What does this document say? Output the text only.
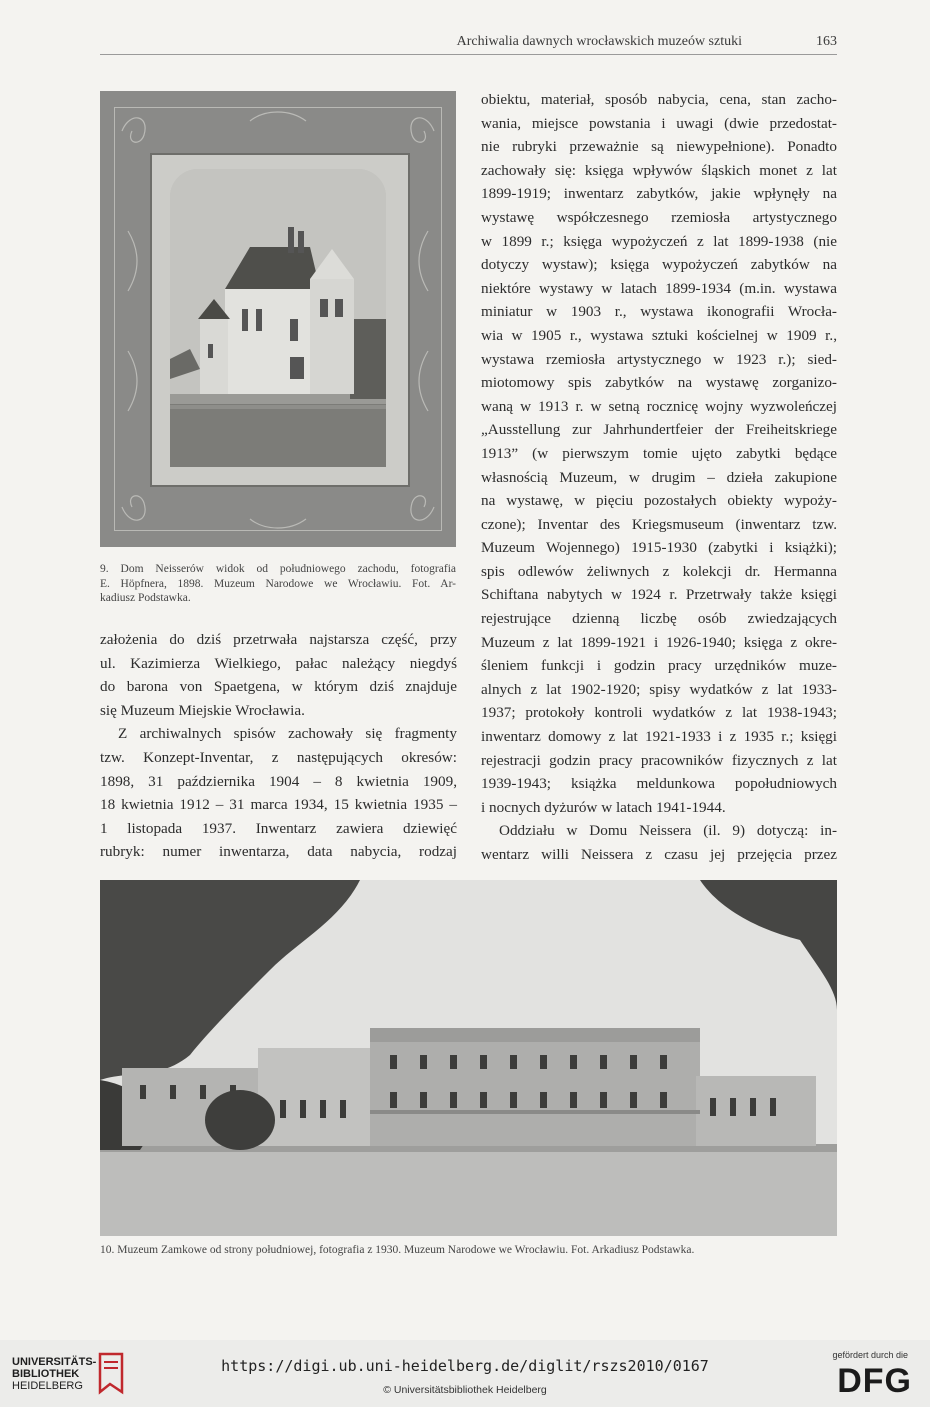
Archiwalia dawnych wrocławskich muzeów sztuki	163
9. Dom Neisserów widok od południowego zachodu, fotografia
E. Höpfnera, 1898. Muzeum Narodowe we Wrocławiu. Fot. Ar-
kadiusz Podstawka.

założenia do dziś przetrwała najstarsza część, przy

ul. Kazimierza Wielkiego, pałac należący niegdyś

do barona von Spaetgena, w którym dziś znajduje

się Muzeum Miejskie Wrocławia.

Z archiwalnych spisów zachowały się fragmenty

tzw. Konzept-Inventar, z następujących okresów:

1898, 31 października 1904 – 8 kwietnia 1909,

18 kwietnia 1912 – 31 marca 1934, 15 kwietnia 1935 –

1 listopada 1937. Inwentarz zawiera dziewięć

rubryk: numer inwentarza, data nabycia, rodzaj

obiektu, materiał, sposób nabycia, cena, stan zacho-

wania, miejsce powstania i uwagi (dwie przedostat-

nie rubryki przeważnie są niewypełnione). Ponadto

zachowały się: księga wpływów śląskich monet z lat

1899-1919; inwentarz zabytków, jakie wpłynęły na

wystawę współczesnego rzemiosła artystycznego

w 1899 r.; księga wypożyczeń z lat 1899-1938 (nie

dotyczy wystaw); księga wypożyczeń zabytków na

niektóre wystawy w latach 1899-1934 (m.in. wystawa

miniatur w 1903 r., wystawa ikonografii Wrocła-

wia w 1905 r., wystawa sztuki kościelnej w 1909 r.,

wystawa rzemiosła artystycznego w 1923 r.); sied-

miotomowy spis zabytków na wystawę zorganizo-

waną w 1913 r. w setną rocznicę wojny wyzwoleńczej

„Ausstellung zur Jahrhundertfeier der Freiheitskriege

1913” (w pierwszym tomie ujęto zabytki będące

własnością Muzeum, w drugim – dzieła zakupione

na wystawę, w pięciu pozostałych obiekty wypoży-

czone); Inventar des Kriegsmuseum (inwentarz tzw.

Muzeum Wojennego) 1915-1930 (zabytki i książki);

spis odlewów żeliwnych z kolekcji dr. Hermanna

Schiftana nabytych w 1924 r. Przetrwały także księgi

rejestrujące dzienną liczbę osób zwiedzających

Muzeum z lat 1899-1921 i 1926-1940; księga z okre-

śleniem funkcji i godzin pracy urzędników muze-

alnych z lat 1902-1920; spisy wydatków z lat 1933-

1937; protokoły kontroli wydatków z lat 1938-1943;

inwentarz domowy z lat 1921-1933 i z 1935 r.; księgi

rejestracji godzin pracy pracowników fizycznych z lat

1939-1943; książka meldunkowa popołudniowych

i nocnych dyżurów w latach 1941-1944.

Oddziału w Domu Neissera (il. 9) dotyczą: in-

wentarz willi Neissera z czasu jej przejęcia przez

10. Muzeum Zamkowe od strony południowej, fotografia z 1930. Muzeum Narodowe we Wrocławiu. Fot. Arkadiusz Podstawka.
UNIVERSITÄTS-
BIBLIOTHEK
HEIDELBERG
https://digi.ub.uni-heidelberg.de/diglit/rszs2010/0167
© Universitätsbibliothek Heidelberg
gefördert durch die
DFG
